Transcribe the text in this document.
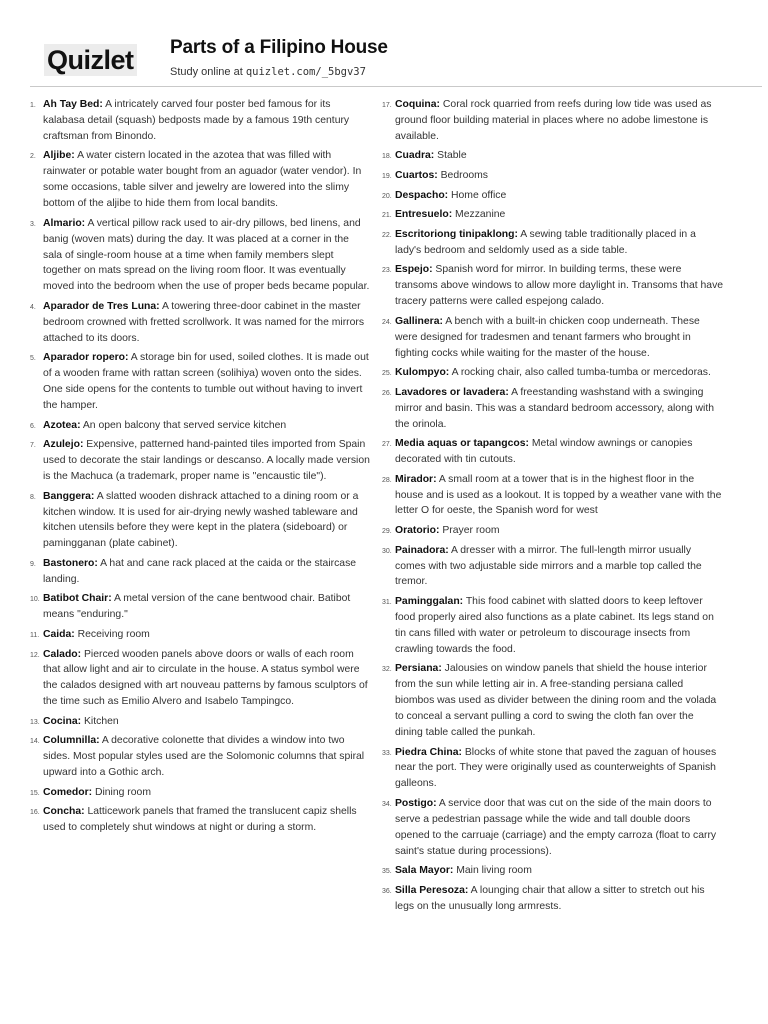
Quizlet Parts of a Filipino House
Study online at quizlet.com/_5bgv37
1. Ah Tay Bed: A intricately carved four poster bed famous for its kalabasa detail (squash) bedposts made by a famous 19th century craftsman from Binondo.
2. Aljibe: A water cistern located in the azotea that was filled with rainwater or potable water bought from an aguador (water vendor). In some occasions, table silver and jewelry are lowered into the slimy bottom of the aljibe to hide them from local bandits.
3. Almario: A vertical pillow rack used to air-dry pillows, bed linens, and banig (woven mats) during the day. It was placed at a corner in the sala of single-room house at a time when family members slept together on mats spread on the living room floor. It was eventually moved into the bedroom when the use of proper beds became popular.
4. Aparador de Tres Luna: A towering three-door cabinet in the master bedroom crowned with fretted scrollwork. It was named for the mirrors attached to its doors.
5. Aparador ropero: A storage bin for used, soiled clothes. It is made out of a wooden frame with rattan screen (solihiya) woven onto the sides. One side opens for the contents to tumble out without having to invert the hamper.
6. Azotea: An open balcony that served service kitchen
7. Azulejo: Expensive, patterned hand-painted tiles imported from Spain used to decorate the stair landings or descanso. A locally made version is the Machuca (a trademark, proper name is "encaustic tile").
8. Banggera: A slatted wooden dishrack attached to a dining room or a kitchen window. It is used for air-drying newly washed tableware and kitchen utensils before they were kept in the platera (sideboard) or pamingganan (plate cabinet).
9. Bastonero: A hat and cane rack placed at the caida or the staircase landing.
10. Batibot Chair: A metal version of the cane bentwood chair. Batibot means "enduring."
11. Caida: Receiving room
12. Calado: Pierced wooden panels above doors or walls of each room that allow light and air to circulate in the house. A status symbol were the calados designed with art nouveau patterns by famous sculptors of the time such as Emilio Alvero and Isabelo Tampingco.
13. Cocina: Kitchen
14. Columnilla: A decorative colonette that divides a window into two sides. Most popular styles used are the Solomonic columns that spiral upward into a Gothic arch.
15. Comedor: Dining room
16. Concha: Latticework panels that framed the translucent capiz shells used to completely shut windows at night or during a storm.
17. Coquina: Coral rock quarried from reefs during low tide was used as ground floor building material in places where no adobe limestone is available.
18. Cuadra: Stable
19. Cuartos: Bedrooms
20. Despacho: Home office
21. Entresuelo: Mezzanine
22. Escritoriong tinipaklong: A sewing table traditionally placed in a lady's bedroom and seldomly used as a side table.
23. Espejo: Spanish word for mirror. In building terms, these were transoms above windows to allow more daylight in. Transoms that have tracery patterns were called espejong calado.
24. Gallinera: A bench with a built-in chicken coop underneath. These were designed for tradesmen and tenant farmers who brought in fighting cocks while waiting for the master of the house.
25. Kulompyo: A rocking chair, also called tumba-tumba or mercedoras.
26. Lavadores or lavadera: A freestanding washstand with a swinging mirror and basin. This was a standard bedroom accessory, along with the orinola.
27. Media aquas or tapangcos: Metal window awnings or canopies decorated with tin cutouts.
28. Mirador: A small room at a tower that is in the highest floor in the house and is used as a lookout. It is topped by a weather vane with the letter O for oeste, the Spanish word for west
29. Oratorio: Prayer room
30. Painadora: A dresser with a mirror. The full-length mirror usually comes with two adjustable side mirrors and a marble top called the tremor.
31. Paminggalan: This food cabinet with slatted doors to keep leftover food properly aired also functions as a plate cabinet. Its legs stand on tin cans filled with water or petroleum to discourage insects from crawling towards the food.
32. Persiana: Jalousies on window panels that shield the house interior from the sun while letting air in. A free-standing persiana called biombos was used as divider between the dining room and the volada to conceal a servant pulling a cord to swing the cloth fan over the dining table called the punkah.
33. Piedra China: Blocks of white stone that paved the zaguan of houses near the port. They were originally used as counterweights of Spanish galleons.
34. Postigo: A service door that was cut on the side of the main doors to serve a pedestrian passage while the wide and tall double doors opened to the carruaje (carriage) and the empty carroza (float to carry saint's statue during processions).
35. Sala Mayor: Main living room
36. Silla Peresoza: A lounging chair that allow a sitter to stretch out his legs on the unusually long armrests.
